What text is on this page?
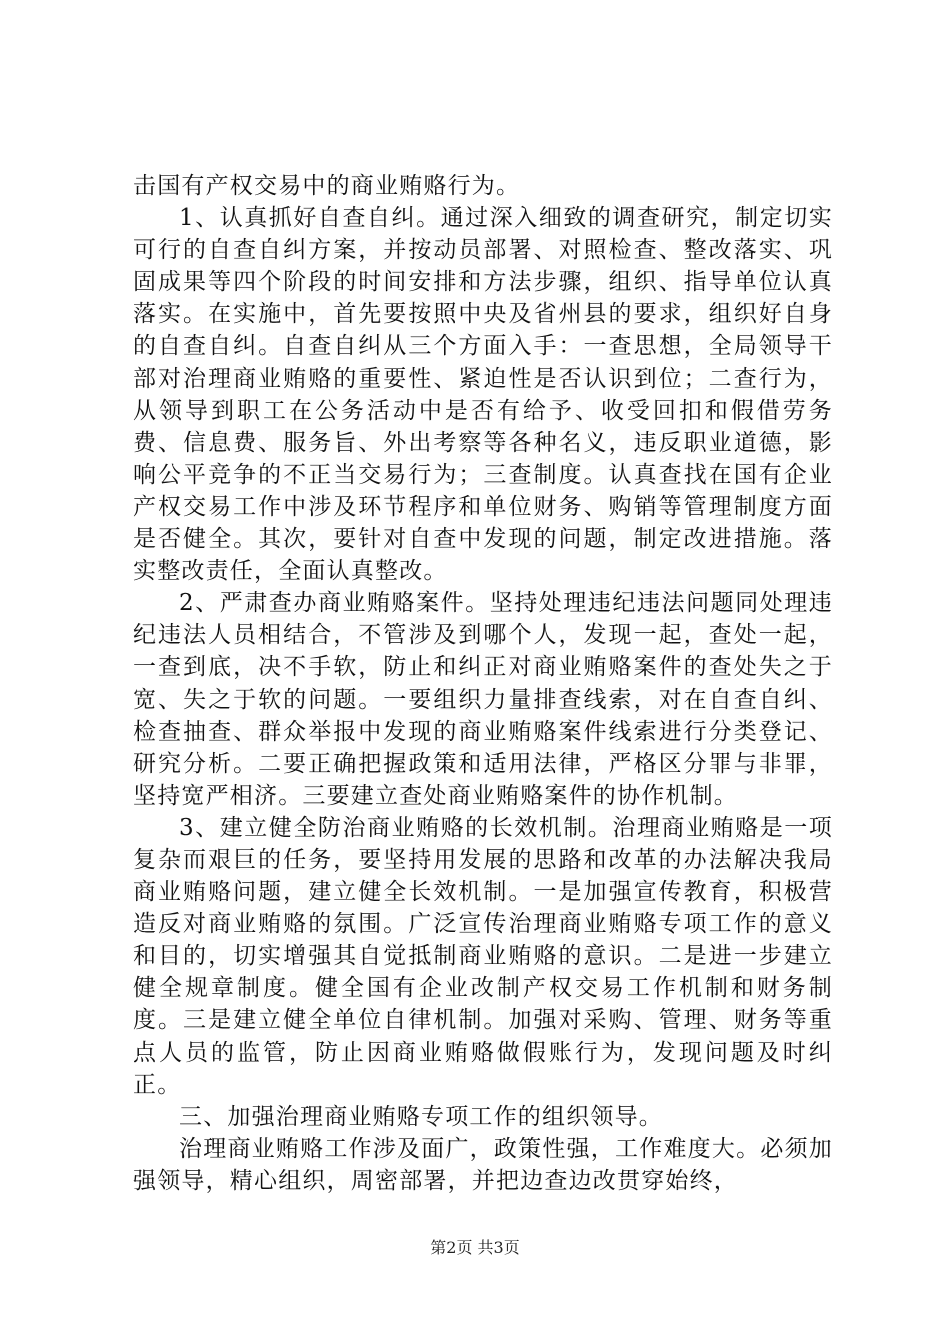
击国有产权交易中的商业贿赂行为。

1、认真抓好自查自纠。通过深入细致的调查研究，制定切实可行的自查自纠方案，并按动员部署、对照检查、整改落实、巩固成果等四个阶段的时间安排和方法步骤，组织、指导单位认真落实。在实施中，首先要按照中央及省州县的要求，组织好自身的自查自纠。自查自纠从三个方面入手：一查思想，全局领导干部对治理商业贿赂的重要性、紧迫性是否认识到位；二查行为，从领导到职工在公务活动中是否有给予、收受回扣和假借劳务费、信息费、服务旨、外出考察等各种名义，违反职业道德，影响公平竞争的不正当交易行为；三查制度。认真查找在国有企业产权交易工作中涉及环节程序和单位财务、购销等管理制度方面是否健全。其次，要针对自查中发现的问题，制定改进措施。落实整改责任，全面认真整改。

2、严肃查办商业贿赂案件。坚持处理违纪违法问题同处理违纪违法人员相结合，不管涉及到哪个人，发现一起，查处一起，一查到底，决不手软，防止和纠正对商业贿赂案件的查处失之于宽、失之于软的问题。一要组织力量排查线索，对在自查自纠、检查抽查、群众举报中发现的商业贿赂案件线索进行分类登记、研究分析。二要正确把握政策和适用法律，严格区分罪与非罪，坚持宽严相济。三要建立查处商业贿赂案件的协作机制。

3、建立健全防治商业贿赂的长效机制。治理商业贿赂是一项复杂而艰巨的任务，要坚持用发展的思路和改革的办法解决我局商业贿赂问题，建立健全长效机制。一是加强宣传教育，积极营造反对商业贿赂的氛围。广泛宣传治理商业贿赂专项工作的意义和目的，切实增强其自觉抵制商业贿赂的意识。二是进一步建立健全规章制度。健全国有企业改制产权交易工作机制和财务制度。三是建立健全单位自律机制。加强对采购、管理、财务等重点人员的监管，防止因商业贿赂做假账行为，发现问题及时纠正。

三、加强治理商业贿赂专项工作的组织领导。

治理商业贿赂工作涉及面广，政策性强，工作难度大。必须加强领导，精心组织，周密部署，并把边查边改贯穿始终，

第2页 共3页
